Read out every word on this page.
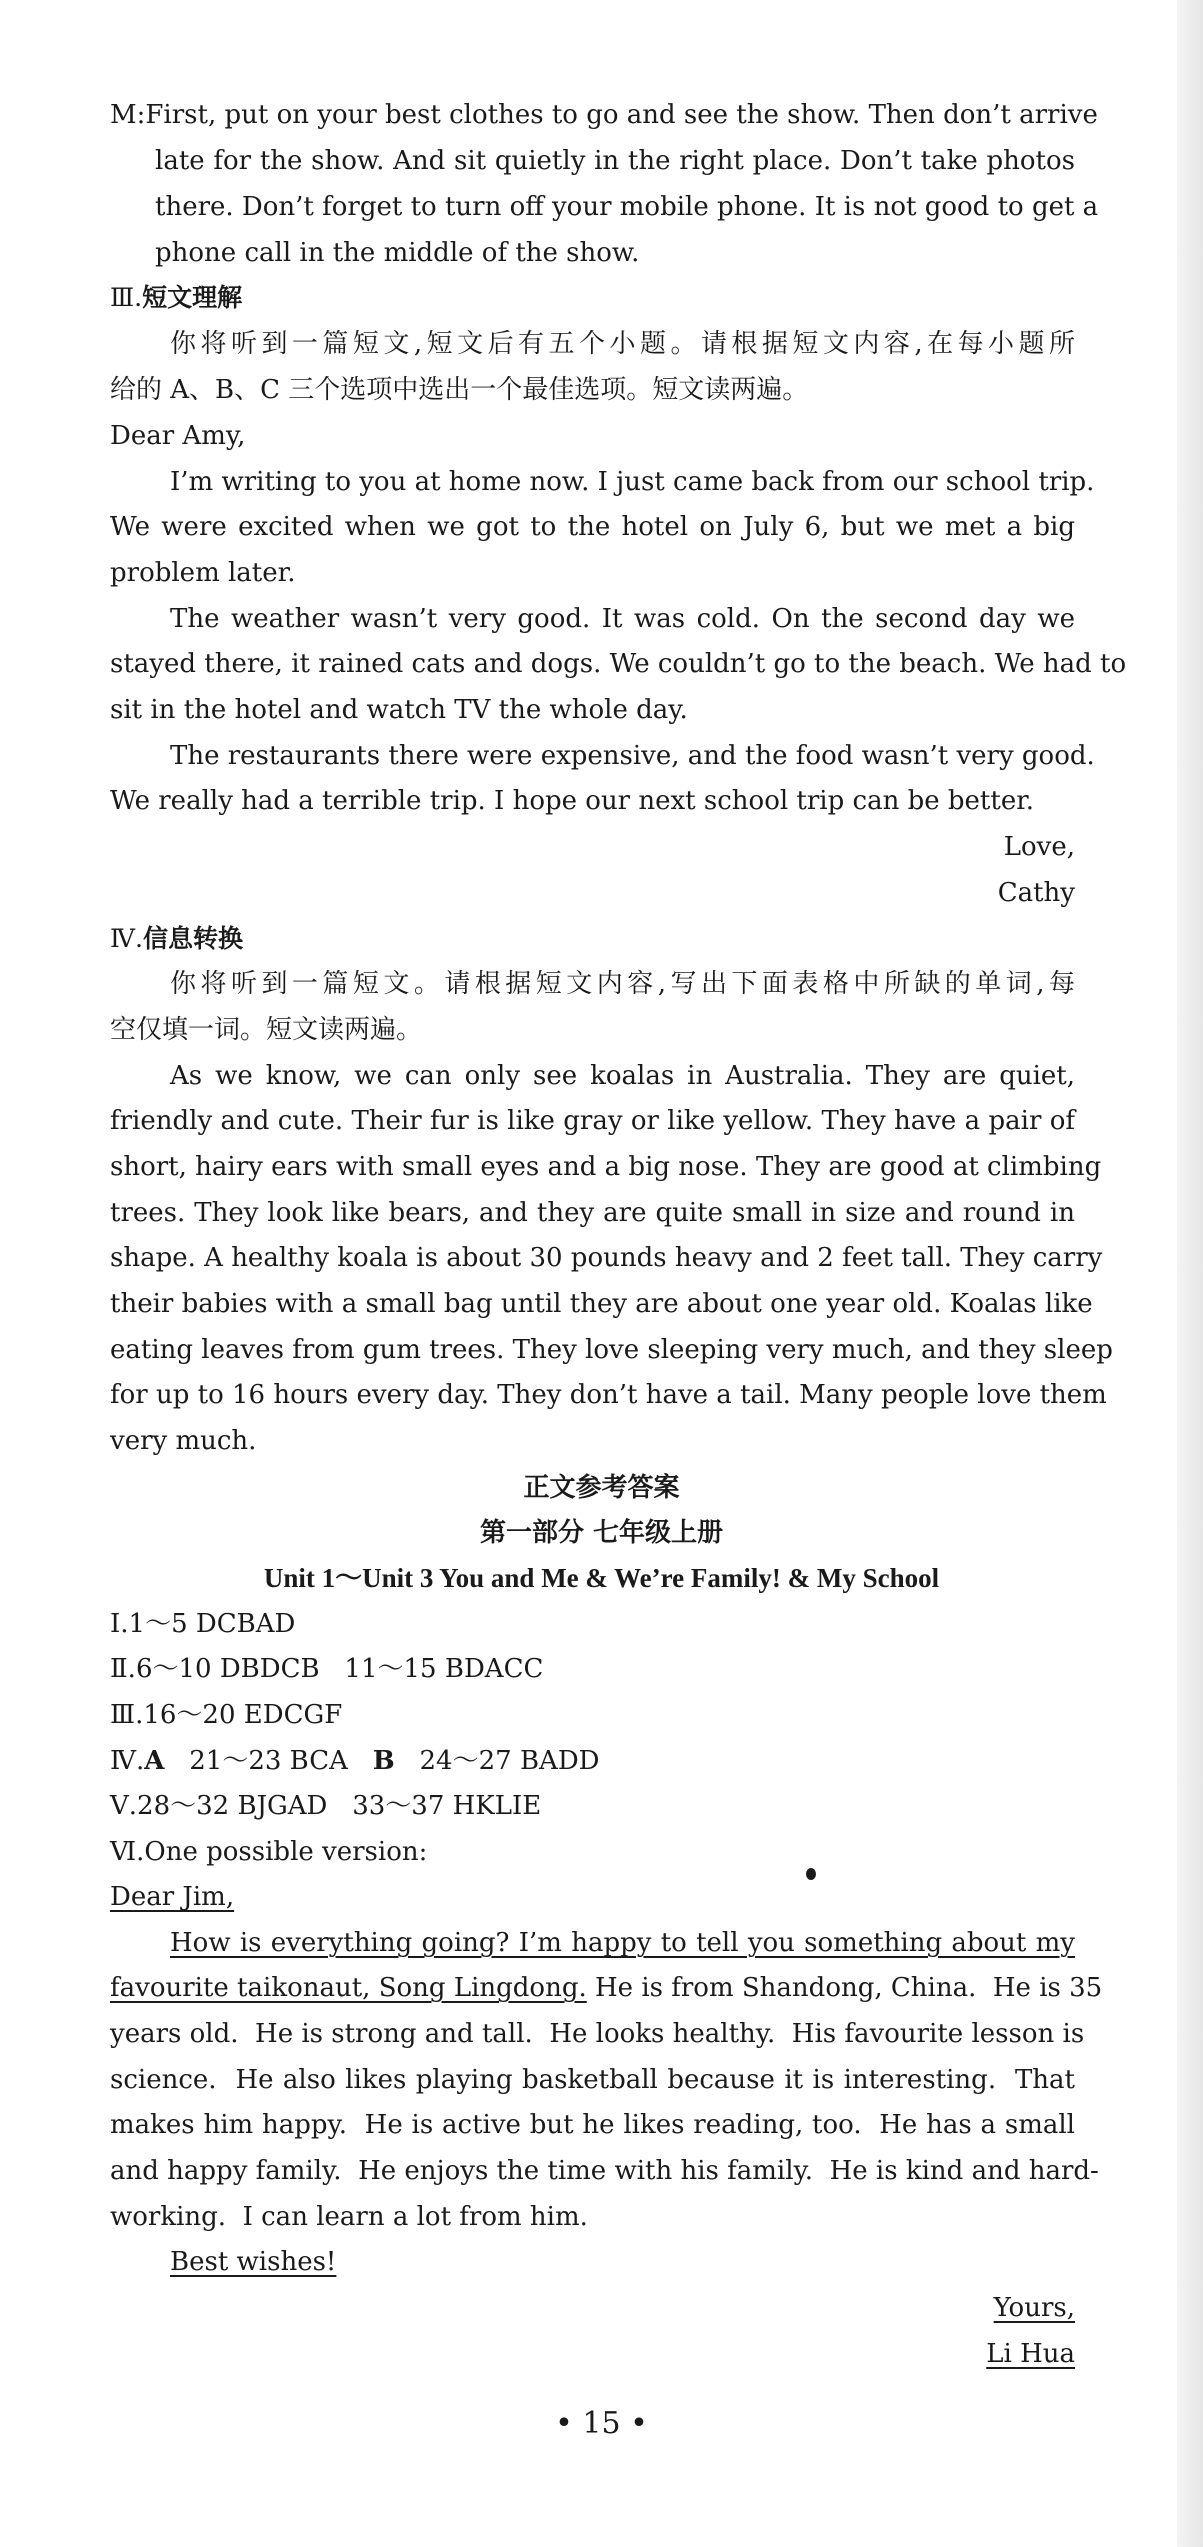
M:First, put on your best clothes to go and see the show. Then don’t arrive
late for the show. And sit quietly in the right place. Don’t take photos
there. Don’t forget to turn off your mobile phone. It is not good to get a
phone call in the middle of the show.
Ⅲ.短文理解
你将听到一篇短文,短文后有五个小题。请根据短文内容,在每小题所
给的 A、B、C 三个选项中选出一个最佳选项。短文读两遍。
Dear Amy,
I’m writing to you at home now. I just came back from our school trip.
We were excited when we got to the hotel on July 6, but we met a big
problem later.
The weather wasn’t very good. It was cold. On the second day we
stayed there, it rained cats and dogs. We couldn’t go to the beach. We had to
sit in the hotel and watch TV the whole day.
The restaurants there were expensive, and the food wasn’t very good.
We really had a terrible trip. I hope our next school trip can be better.
Love,
Cathy
Ⅳ.信息转换
你将听到一篇短文。请根据短文内容,写出下面表格中所缺的单词,每
空仅填一词。短文读两遍。
As we know, we can only see koalas in Australia. They are quiet,
friendly and cute. Their fur is like gray or like yellow. They have a pair of
short, hairy ears with small eyes and a big nose. They are good at climbing
trees. They look like bears, and they are quite small in size and round in
shape. A healthy koala is about 30 pounds heavy and 2 feet tall. They carry
their babies with a small bag until they are about one year old. Koalas like
eating leaves from gum trees. They love sleeping very much, and they sleep
for up to 16 hours every day. They don’t have a tail. Many people love them
very much.
正文参考答案
第一部分 七年级上册
Unit 1～Unit 3 You and Me & We’re Family! & My School
Ⅰ.1～5 DCBAD
Ⅱ.6～10 DBDCB   11～15 BDACC
Ⅲ.16～20 EDCGF
Ⅳ.A 21～23 BCA B 24～27 BADD
Ⅴ.28～32 BJGAD   33～37 HKLIE
Ⅵ.One possible version:
Dear Jim,
How is everything going? I’m happy to tell you something about my
favourite taikonaut, Song Lingdong. He is from Shandong, China.  He is 35
years old.  He is strong and tall.  He looks healthy.  His favourite lesson is
science.  He also likes playing basketball because it is interesting.  That
makes him happy.  He is active but he likes reading, too.  He has a small
and happy family.  He enjoys the time with his family.  He is kind and hard-
working.  I can learn a lot from him.
Best wishes!
Yours,
Li Hua
• 15 •
